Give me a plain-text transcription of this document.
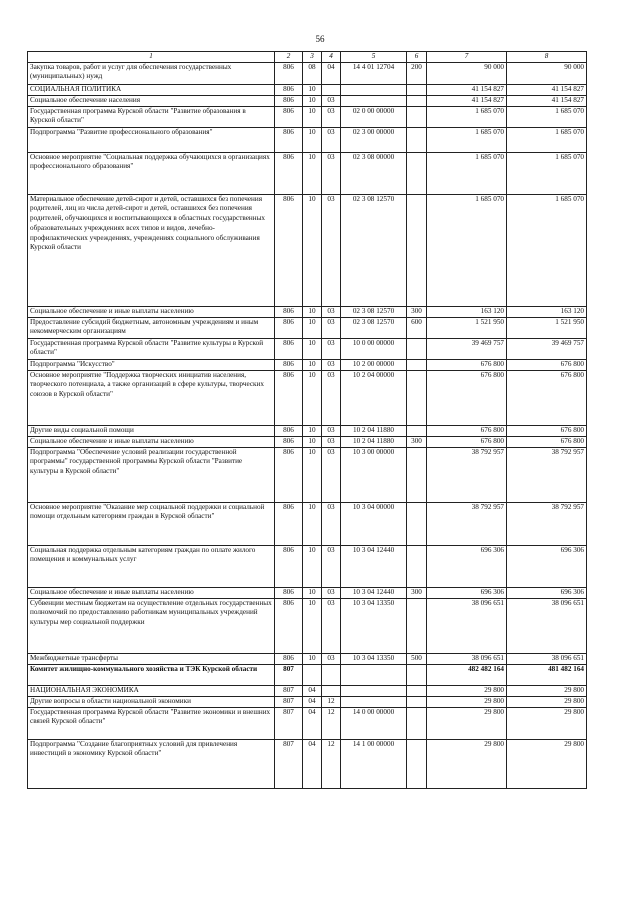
56
1	2	3	4	5	6	7	8
Закупка товаров, работ и услуг для обеспечения государственных (муниципальных) нужд	806	08	04	14 4 01 12704	200	90 000	90 000
СОЦИАЛЬНАЯ ПОЛИТИКА	806	10				41 154 827	41 154 827
Социальное обеспечение населения	806	10	03			41 154 827	41 154 827
Государственная программа Курской области "Развитие образования в Курской области"	806	10	03	02 0 00 00000		1 685 070	1 685 070
Подпрограмма "Развитие профессионального образования"	806	10	03	02 3 00 00000		1 685 070	1 685 070
Основное мероприятие "Социальная поддержка обучающихся в организациях профессионального образования"	806	10	03	02 3 08 00000		1 685 070	1 685 070
Материальное обеспечение детей-сирот и детей, оставшихся без попечения родителей, лиц из числа детей-сирот и детей, оставшихся без попечения родителей, обучающихся и воспитывающихся в областных государственных образовательных учреждениях всех типов и видов, лечебно-профилактических учреждениях, учреждениях социального обслуживания Курской области	806	10	03	02 3 08 12570		1 685 070	1 685 070
Социальное обеспечение и иные выплаты населению	806	10	03	02 3 08 12570	300	163 120	163 120
Предоставление субсидий бюджетным, автономным учреждениям и иным некоммерческим организациям	806	10	03	02 3 08 12570	600	1 521 950	1 521 950
Государственная программа Курской области "Развитие культуры в Курской области"	806	10	03	10 0 00 00000		39 469 757	39 469 757
Подпрограмма "Искусство"	806	10	03	10 2 00 00000		676 800	676 800
Основное мероприятие "Поддержка творческих инициатив населения, творческого потенциала, а также организаций в сфере культуры, творческих союзов в Курской области"	806	10	03	10 2 04 00000		676 800	676 800
Другие виды социальной помощи	806	10	03	10 2 04 11880		676 800	676 800
Социальное обеспечение и иные выплаты населению	806	10	03	10 2 04 11880	300	676 800	676 800
Подпрограмма "Обеспечение условий реализации государственной программы" государственной программы Курской области "Развитие культуры в Курской области"	806	10	03	10 3 00 00000		38 792 957	38 792 957
Основное мероприятие "Оказание мер социальной поддержки и социальной помощи отдельным категориям граждан в Курской области"	806	10	03	10 3 04 00000		38 792 957	38 792 957
Социальная поддержка отдельным категориям граждан по оплате жилого помещения и коммунальных услуг	806	10	03	10 3 04 12440		696 306	696 306
Социальное обеспечение и иные выплаты населению	806	10	03	10 3 04 12440	300	696 306	696 306
Субвенции местным бюджетам на осуществление отдельных государственных полномочий по предоставлению работникам муниципальных учреждений культуры мер социальной поддержки	806	10	03	10 3 04 13350		38 096 651	38 096 651
Межбюджетные трансферты	806	10	03	10 3 04 13350	500	38 096 651	38 096 651
Комитет жилищно-коммунального хозяйства и ТЭК Курской области	807					482 482 164	481 482 164
НАЦИОНАЛЬНАЯ ЭКОНОМИКА	807	04				29 800	29 800
Другие вопросы в области национальной экономики	807	04	12			29 800	29 800
Государственная программа Курской области "Развитие экономики и внешних связей Курской области"	807	04	12	14 0 00 00000		29 800	29 800
Подпрограмма "Создание благоприятных условий для привлечения инвестиций в экономику Курской области"	807	04	12	14 1 00 00000		29 800	29 800
